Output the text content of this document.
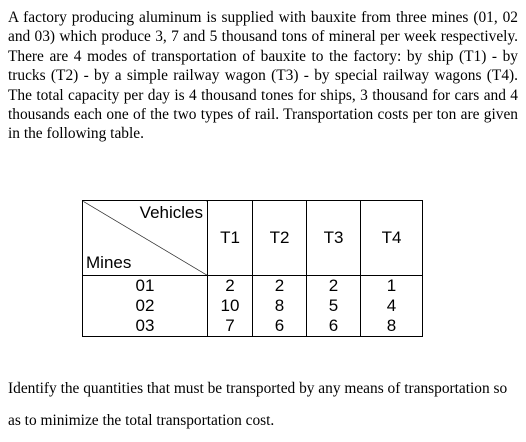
A factory producing aluminum is supplied with bauxite from three mines (01, 02 and 03) which produce 3, 7 and 5 thousand tons of mineral per week respectively. There are 4 modes of transportation of bauxite to the factory: by ship (T1) - by trucks (T2) - by a simple railway wagon (T3) - by special railway wagons (T4). The total capacity per day is 4 thousand tones for ships, 3 thousand for cars and 4 thousands each one of the two types of rail. Transportation costs per ton are given in the following table.

Vehicles
Mines	T1	T2	T3	T4
01	2	2	2	1
02	10	8	5	4
03	7	6	6	8

Identify the quantities that must be transported by any means of transportation so as to minimize the total transportation cost.
